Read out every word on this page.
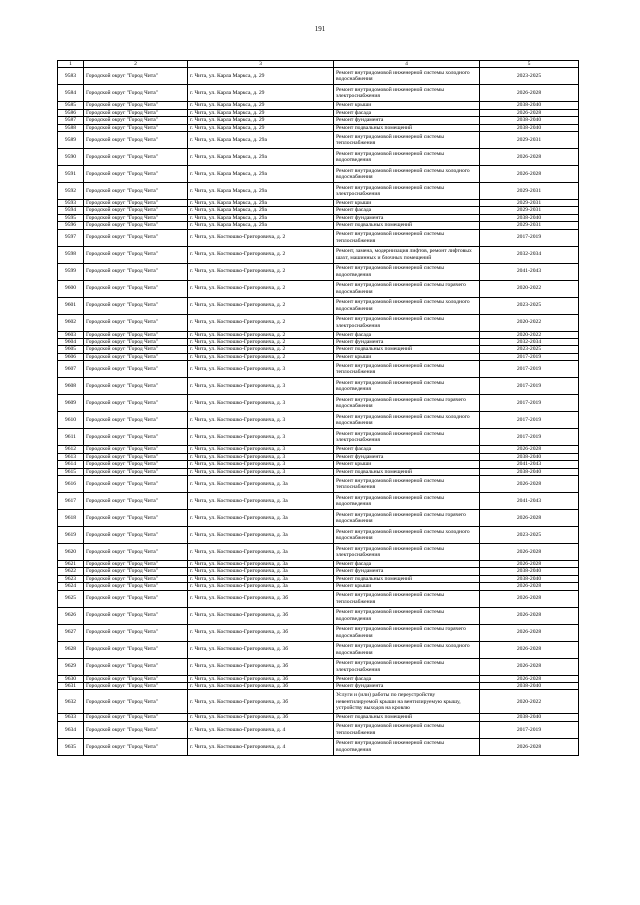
191
1	2	3	4	5
9583	Городской округ "Город Чита"	г. Чита, ул. Карла Маркса, д. 29	Ремонт внутридомовой инженерной системы холодного водоснабжения	2023-2025
9584	Городской округ "Город Чита"	г. Чита, ул. Карла Маркса, д. 29	Ремонт внутридомовой инженерной системы электроснабжения	2026-2028
9585	Городской округ "Город Чита"	г. Чита, ул. Карла Маркса, д. 29	Ремонт крыши	2038-2040
9586	Городской округ "Город Чита"	г. Чита, ул. Карла Маркса, д. 29	Ремонт фасада	2026-2028
9587	Городской округ "Город Чита"	г. Чита, ул. Карла Маркса, д. 29	Ремонт фундамента	2038-2040
9588	Городской округ "Город Чита"	г. Чита, ул. Карла Маркса, д. 29	Ремонт подвальных помещений	2038-2040
9589	Городской округ "Город Чита"	г. Чита, ул. Карла Маркса, д. 29а	Ремонт внутридомовой инженерной системы теплоснабжения	2029-2031
9590	Городской округ "Город Чита"	г. Чита, ул. Карла Маркса, д. 29а	Ремонт внутридомовой инженерной системы водоотведения	2026-2028
9591	Городской округ "Город Чита"	г. Чита, ул. Карла Маркса, д. 29а	Ремонт внутридомовой инженерной системы холодного водоснабжения	2026-2028
9592	Городской округ "Город Чита"	г. Чита, ул. Карла Маркса, д. 29а	Ремонт внутридомовой инженерной системы электроснабжения	2029-2031
9593	Городской округ "Город Чита"	г. Чита, ул. Карла Маркса, д. 29а	Ремонт крыши	2029-2031
9594	Городской округ "Город Чита"	г. Чита, ул. Карла Маркса, д. 29а	Ремонт фасада	2029-2031
9595	Городской округ "Город Чита"	г. Чита, ул. Карла Маркса, д. 29а	Ремонт фундамента	2038-2040
9596	Городской округ "Город Чита"	г. Чита, ул. Карла Маркса, д. 29а	Ремонт подвальных помещений	2029-2031
9597	Городской округ "Город Чита"	г. Чита, ул. Костюшко-Григоровича, д. 2	Ремонт внутридомовой инженерной системы теплоснабжения	2017-2019
9598	Городской округ "Город Чита"	г. Чита, ул. Костюшко-Григоровича, д. 2	Ремонт, замена, модернизация лифтов, ремонт лифтовых шахт, машинных и блочных помещений	2032-2034
9599	Городской округ "Город Чита"	г. Чита, ул. Костюшко-Григоровича, д. 2	Ремонт внутридомовой инженерной системы водоотведения	2041-2043
9600	Городской округ "Город Чита"	г. Чита, ул. Костюшко-Григоровича, д. 2	Ремонт внутридомовой инженерной системы горячего водоснабжения	2020-2022
9601	Городской округ "Город Чита"	г. Чита, ул. Костюшко-Григоровича, д. 2	Ремонт внутридомовой инженерной системы холодного водоснабжения	2023-2025
9602	Городской округ "Город Чита"	г. Чита, ул. Костюшко-Григоровича, д. 2	Ремонт внутридомовой инженерной системы электроснабжения	2020-2022
9603	Городской округ "Город Чита"	г. Чита, ул. Костюшко-Григоровича, д. 2	Ремонт фасада	2020-2022
9604	Городской округ "Город Чита"	г. Чита, ул. Костюшко-Григоровича, д. 2	Ремонт фундамента	2032-2034
9605	Городской округ "Город Чита"	г. Чита, ул. Костюшко-Григоровича, д. 2	Ремонт подвальных помещений	2023-2025
9606	Городской округ "Город Чита"	г. Чита, ул. Костюшко-Григоровича, д. 2	Ремонт крыши	2017-2019
9607	Городской округ "Город Чита"	г. Чита, ул. Костюшко-Григоровича, д. 3	Ремонт внутридомовой инженерной системы теплоснабжения	2017-2019
9608	Городской округ "Город Чита"	г. Чита, ул. Костюшко-Григоровича, д. 3	Ремонт внутридомовой инженерной системы водоотведения	2017-2019
9609	Городской округ "Город Чита"	г. Чита, ул. Костюшко-Григоровича, д. 3	Ремонт внутридомовой инженерной системы горячего водоснабжения	2017-2019
9610	Городской округ "Город Чита"	г. Чита, ул. Костюшко-Григоровича, д. 3	Ремонт внутридомовой инженерной системы холодного водоснабжения	2017-2019
9611	Городской округ "Город Чита"	г. Чита, ул. Костюшко-Григоровича, д. 3	Ремонт внутридомовой инженерной системы электроснабжения	2017-2019
9612	Городской округ "Город Чита"	г. Чита, ул. Костюшко-Григоровича, д. 3	Ремонт фасада	2026-2028
9613	Городской округ "Город Чита"	г. Чита, ул. Костюшко-Григоровича, д. 3	Ремонт фундамента	2038-2040
9614	Городской округ "Город Чита"	г. Чита, ул. Костюшко-Григоровича, д. 3	Ремонт крыши	2041-2043
9615	Городской округ "Город Чита"	г. Чита, ул. Костюшко-Григоровича, д. 3	Ремонт подвальных помещений	2038-2040
9616	Городской округ "Город Чита"	г. Чита, ул. Костюшко-Григоровича, д. 3а	Ремонт внутридомовой инженерной системы теплоснабжения	2026-2028
9617	Городской округ "Город Чита"	г. Чита, ул. Костюшко-Григоровича, д. 3а	Ремонт внутридомовой инженерной системы водоотведения	2041-2043
9618	Городской округ "Город Чита"	г. Чита, ул. Костюшко-Григоровича, д. 3а	Ремонт внутридомовой инженерной системы горячего водоснабжения	2026-2028
9619	Городской округ "Город Чита"	г. Чита, ул. Костюшко-Григоровича, д. 3а	Ремонт внутридомовой инженерной системы холодного водоснабжения	2023-2025
9620	Городской округ "Город Чита"	г. Чита, ул. Костюшко-Григоровича, д. 3а	Ремонт внутридомовой инженерной системы электроснабжения	2026-2028
9621	Городской округ "Город Чита"	г. Чита, ул. Костюшко-Григоровича, д. 3а	Ремонт фасада	2026-2028
9622	Городской округ "Город Чита"	г. Чита, ул. Костюшко-Григоровича, д. 3а	Ремонт фундамента	2038-2040
9623	Городской округ "Город Чита"	г. Чита, ул. Костюшко-Григоровича, д. 3а	Ремонт подвальных помещений	2038-2040
9624	Городской округ "Город Чита"	г. Чита, ул. Костюшко-Григоровича, д. 3а	Ремонт крыши	2026-2028
9625	Городской округ "Город Чита"	г. Чита, ул. Костюшко-Григоровича, д. 3б	Ремонт внутридомовой инженерной системы теплоснабжения	2026-2028
9626	Городской округ "Город Чита"	г. Чита, ул. Костюшко-Григоровича, д. 3б	Ремонт внутридомовой инженерной системы водоотведения	2026-2028
9627	Городской округ "Город Чита"	г. Чита, ул. Костюшко-Григоровича, д. 3б	Ремонт внутридомовой инженерной системы горячего водоснабжения	2026-2028
9628	Городской округ "Город Чита"	г. Чита, ул. Костюшко-Григоровича, д. 3б	Ремонт внутридомовой инженерной системы холодного водоснабжения	2026-2028
9629	Городской округ "Город Чита"	г. Чита, ул. Костюшко-Григоровича, д. 3б	Ремонт внутридомовой инженерной системы электроснабжения	2026-2028
9630	Городской округ "Город Чита"	г. Чита, ул. Костюшко-Григоровича, д. 3б	Ремонт фасада	2026-2028
9631	Городской округ "Город Чита"	г. Чита, ул. Костюшко-Григоровича, д. 3б	Ремонт фундамента	2038-2040
9632	Городской округ "Город Чита"	г. Чита, ул. Костюшко-Григоровича, д. 3б	Услуги и (или) работы по переустройству невентилируемой крыши на вентилируемую крышу, устройству выходов на кровлю	2020-2022
9633	Городской округ "Город Чита"	г. Чита, ул. Костюшко-Григоровича, д. 3б	Ремонт подвальных помещений	2038-2040
9634	Городской округ "Город Чита"	г. Чита, ул. Костюшко-Григоровича, д. 4	Ремонт внутридомовой инженерной системы теплоснабжения	2017-2019
9635	Городской округ "Город Чита"	г. Чита, ул. Костюшко-Григоровича, д. 4	Ремонт внутридомовой инженерной системы водоотведения	2026-2028
